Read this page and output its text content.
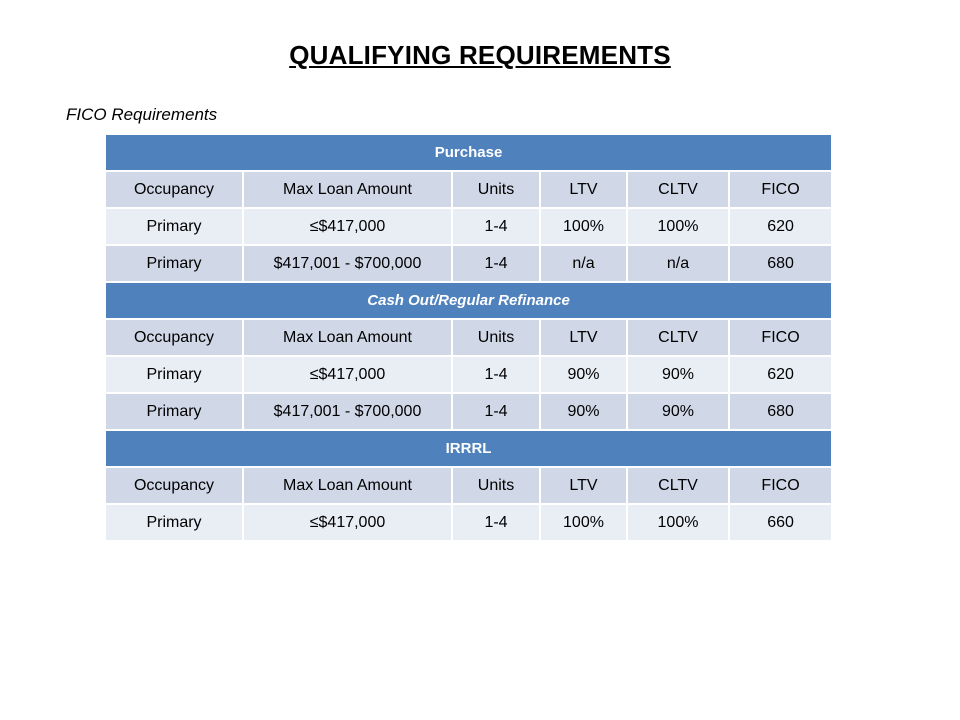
QUALIFYING REQUIREMENTS
FICO Requirements
Purchase					
Occupancy	Max Loan Amount	Units	LTV	CLTV	FICO
Primary	≤$417,000	1-4	100%	100%	620
Primary	$417,001 - $700,000	1-4	n/a	n/a	680
Cash Out/Regular Refinance					
Occupancy	Max Loan Amount	Units	LTV	CLTV	FICO
Primary	≤$417,000	1-4	90%	90%	620
Primary	$417,001 - $700,000	1-4	90%	90%	680
IRRRL					
Occupancy	Max Loan Amount	Units	LTV	CLTV	FICO
Primary	≤$417,000	1-4	100%	100%	660
